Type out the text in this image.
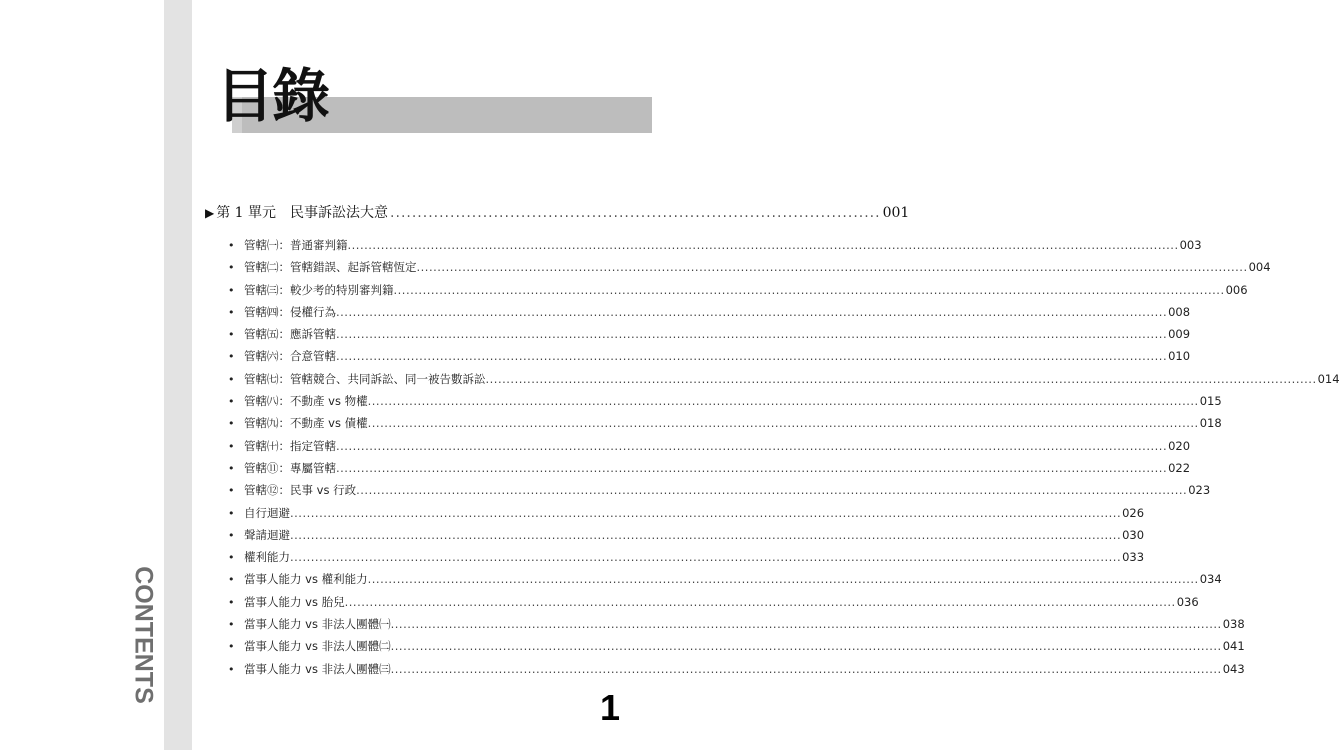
CONTENTS
目錄
▶ 第 1 單元 民事訴訟法大意 .......................................................................................... 001
• 管轄㈠：普通審判籍 ........................................................................................................................................................................................................ 003
• 管轄㈡：管轄錯誤、起訴管轄恆定 ........................................................................................................................................................................................................ 004
• 管轄㈢：較少考的特別審判籍 ........................................................................................................................................................................................................ 006
• 管轄㈣：侵權行為 ........................................................................................................................................................................................................ 008
• 管轄㈤：應訴管轄 ........................................................................................................................................................................................................ 009
• 管轄㈥：合意管轄 ........................................................................................................................................................................................................ 010
• 管轄㈦：管轄競合、共同訴訟、同一被告數訴訟 ........................................................................................................................................................................................................ 014
• 管轄㈧：不動產 vs 物權 ........................................................................................................................................................................................................ 015
• 管轄㈨：不動產 vs 債權 ........................................................................................................................................................................................................ 018
• 管轄㈩：指定管轄 ........................................................................................................................................................................................................ 020
• 管轄⑪：專屬管轄 ........................................................................................................................................................................................................ 022
• 管轄⑫：民事 vs 行政 ........................................................................................................................................................................................................ 023
• 自行迴避 ........................................................................................................................................................................................................ 026
• 聲請迴避 ........................................................................................................................................................................................................ 030
• 權利能力 ........................................................................................................................................................................................................ 033
• 當事人能力 vs 權利能力 ........................................................................................................................................................................................................ 034
• 當事人能力 vs 胎兒 ........................................................................................................................................................................................................ 036
• 當事人能力 vs 非法人團體㈠ ........................................................................................................................................................................................................ 038
• 當事人能力 vs 非法人團體㈡ ........................................................................................................................................................................................................ 041
• 當事人能力 vs 非法人團體㈢ ........................................................................................................................................................................................................ 043
1
